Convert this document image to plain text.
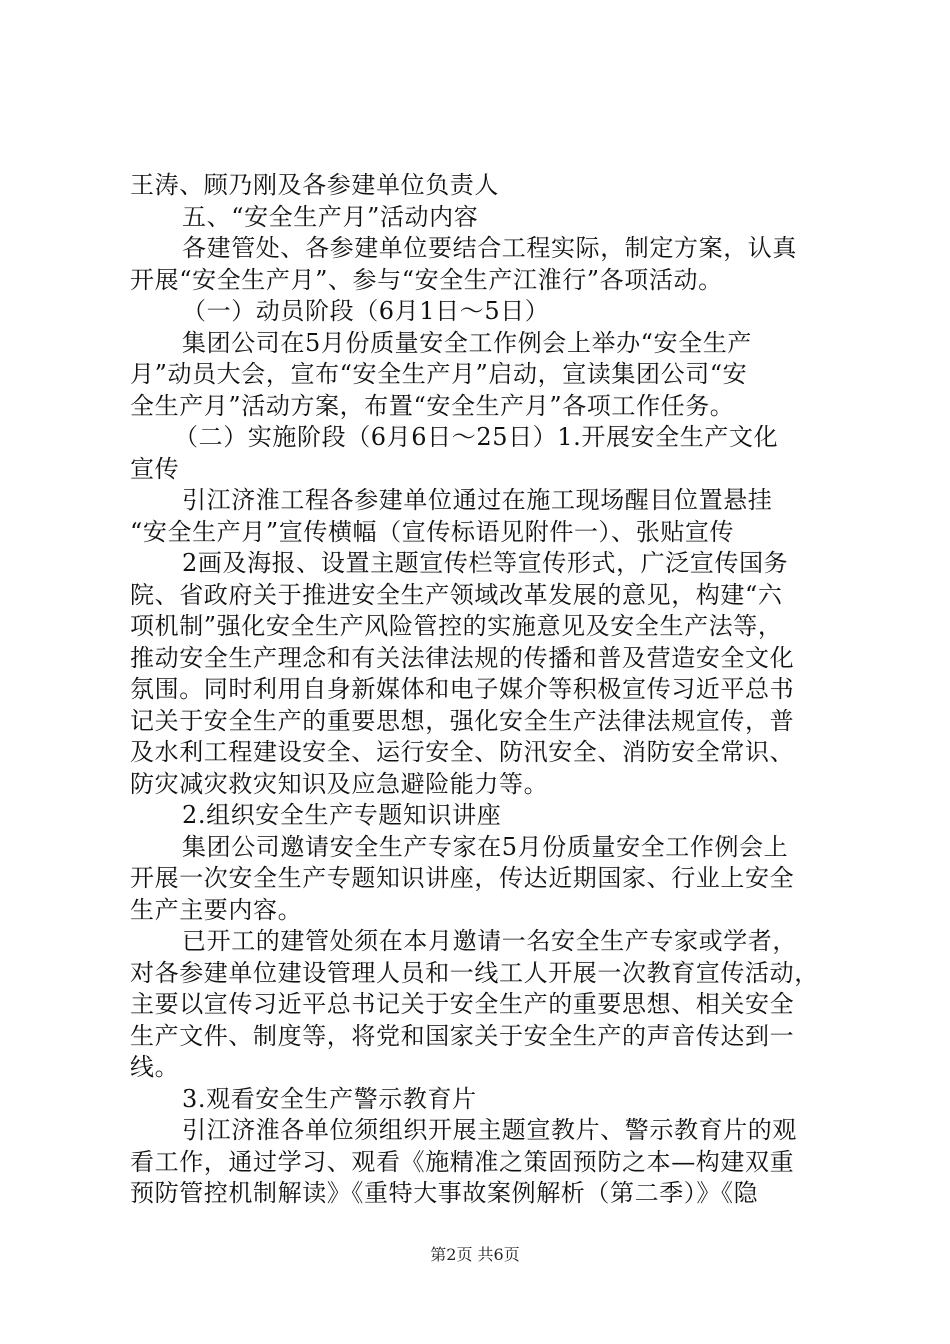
王涛、顾乃刚及各参建单位负责人
五、“安全生产月”活动内容
各建管处、各参建单位要结合工程实际，制定方案，认真
开展“安全生产月”、参与“安全生产江淮行”各项活动。
（一）动员阶段（6月1日～5日）
集团公司在5月份质量安全工作例会上举办“安全生产
月”动员大会，宣布“安全生产月”启动，宣读集团公司“安
全生产月”活动方案，布置“安全生产月”各项工作任务。
（二）实施阶段（6月6日～25日）1.开展安全生产文化
宣传
引江济淮工程各参建单位通过在施工现场醒目位置悬挂
“安全生产月”宣传横幅（宣传标语见附件一）、张贴宣传
2画及海报、设置主题宣传栏等宣传形式，广泛宣传国务
院、省政府关于推进安全生产领域改革发展的意见，构建“六
项机制”强化安全生产风险管控的实施意见及安全生产法等，
推动安全生产理念和有关法律法规的传播和普及营造安全文化
氛围。同时利用自身新媒体和电子媒介等积极宣传习近平总书
记关于安全生产的重要思想，强化安全生产法律法规宣传，普
及水利工程建设安全、运行安全、防汛安全、消防安全常识、
防灾减灾救灾知识及应急避险能力等。
2.组织安全生产专题知识讲座
集团公司邀请安全生产专家在5月份质量安全工作例会上
开展一次安全生产专题知识讲座，传达近期国家、行业上安全
生产主要内容。
已开工的建管处须在本月邀请一名安全生产专家或学者，
对各参建单位建设管理人员和一线工人开展一次教育宣传活动，
主要以宣传习近平总书记关于安全生产的重要思想、相关安全
生产文件、制度等，将党和国家关于安全生产的声音传达到一
线。
3.观看安全生产警示教育片
引江济淮各单位须组织开展主题宣教片、警示教育片的观
看工作，通过学习、观看《施精准之策固预防之本—构建双重
预防管控机制解读》《重特大事故案例解析（第二季）》《隐
第2页 共6页
